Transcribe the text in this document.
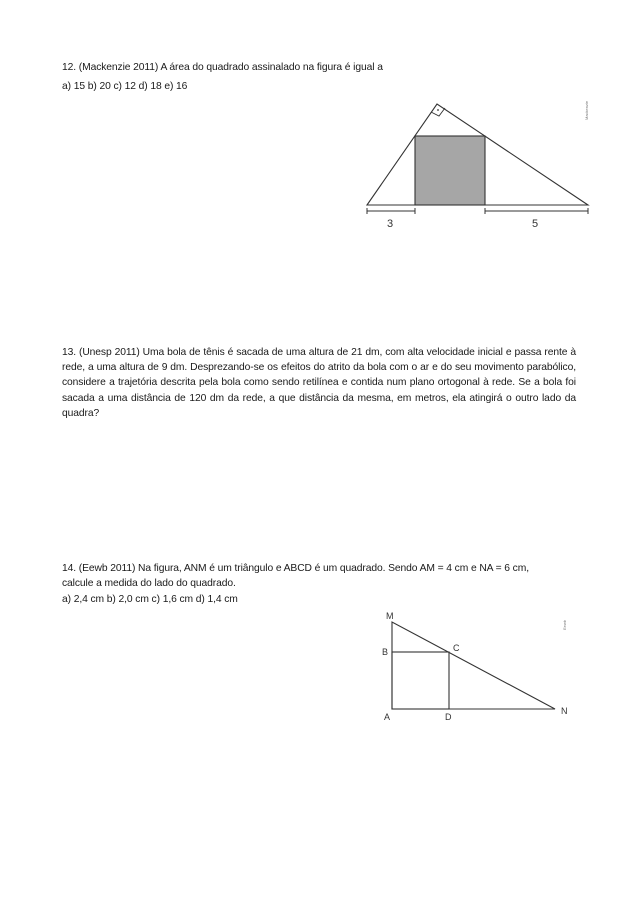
12. (Mackenzie 2011) A área do quadrado assinalado na figura é igual a
a) 15 b) 20 c) 12 d) 18 e) 16
3	5
Mackenzie
13. (Unesp 2011) Uma bola de tênis é sacada de uma altura de 21 dm, com alta velocidade inicial e passa rente à rede, a uma altura de 9 dm. Desprezando-se os efeitos do atrito da bola com o ar e do seu movimento parabólico, considere a trajetória descrita pela bola como sendo retilínea e contida num plano ortogonal à rede. Se a bola foi sacada a uma distância de 120 dm da rede, a que distância da mesma, em metros, ela atingirá o outro lado da quadra?
14. (Eewb 2011) Na figura, ANM é um triângulo e ABCD é um quadrado. Sendo AM = 4 cm e NA = 6 cm,
calcule a medida do lado do quadrado.
a) 2,4 cm b) 2,0 cm c) 1,6 cm d) 1,4 cm
M
B	C
A	D
N
Eewb
